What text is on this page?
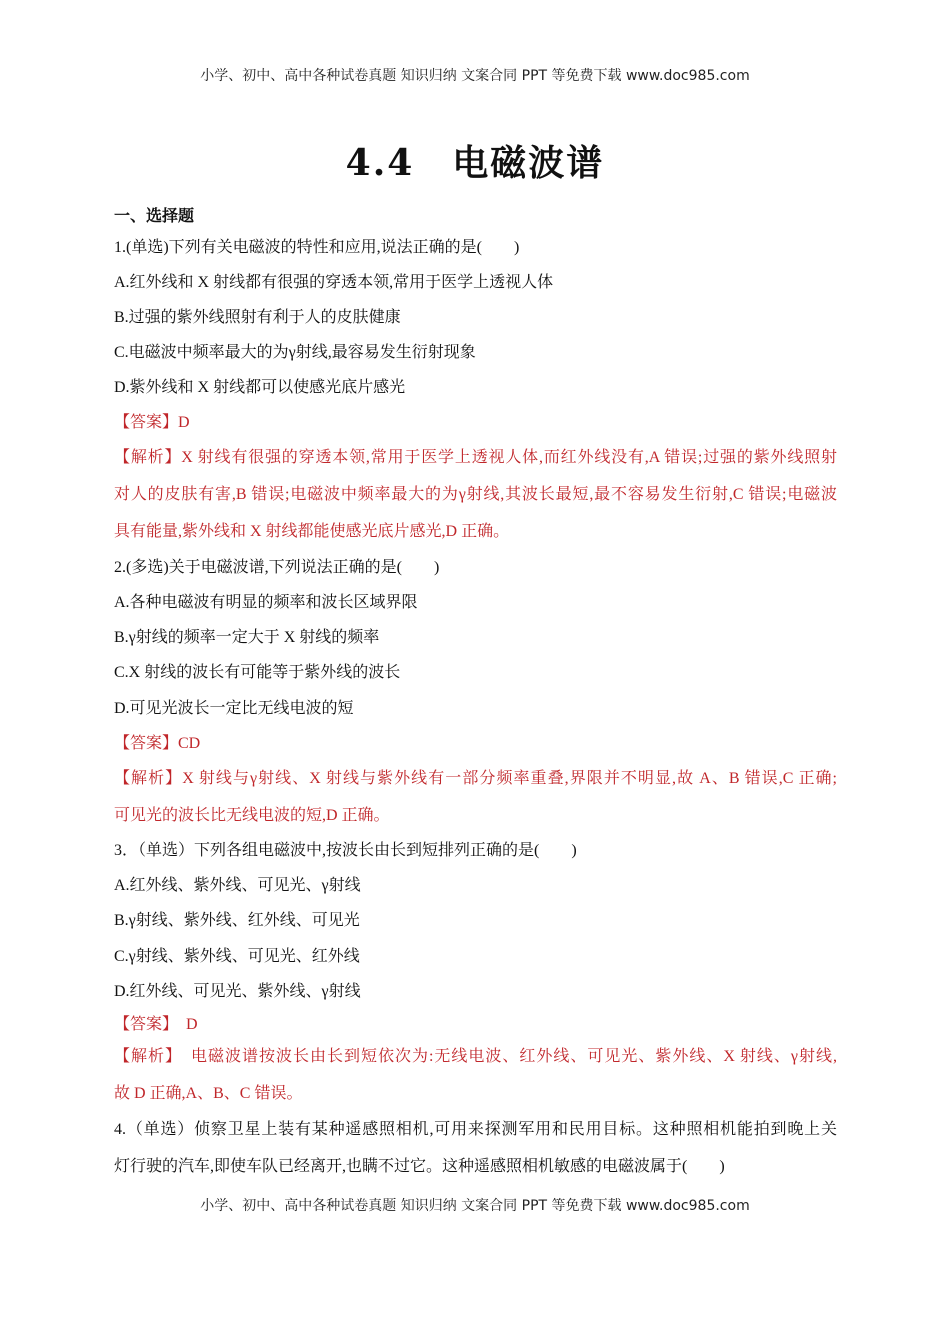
小学、初中、高中各种试卷真题 知识归纳 文案合同 PPT 等免费下载 www.doc985.com
4.4　电磁波谱
一、选择题
1.(单选)下列有关电磁波的特性和应用,说法正确的是(　　)
A.红外线和 X 射线都有很强的穿透本领,常用于医学上透视人体
B.过强的紫外线照射有利于人的皮肤健康
C.电磁波中频率最大的为γ射线,最容易发生衍射现象
D.紫外线和 X 射线都可以使感光底片感光
【答案】D
【解析】X 射线有很强的穿透本领,常用于医学上透视人体,而红外线没有,A 错误;过强的紫外线照射
对人的皮肤有害,B 错误;电磁波中频率最大的为γ射线,其波长最短,最不容易发生衍射,C 错误;电磁波
具有能量,紫外线和 X 射线都能使感光底片感光,D 正确。
2.(多选)关于电磁波谱,下列说法正确的是(　　)
A.各种电磁波有明显的频率和波长区域界限
B.γ射线的频率一定大于 X 射线的频率
C.X 射线的波长有可能等于紫外线的波长
D.可见光波长一定比无线电波的短
【答案】CD
【解析】X 射线与γ射线、X 射线与紫外线有一部分频率重叠,界限并不明显,故 A、B 错误,C 正确;
可见光的波长比无线电波的短,D 正确。
3．（单选）下列各组电磁波中,按波长由长到短排列正确的是(　　)
A.红外线、紫外线、可见光、γ射线
B.γ射线、紫外线、红外线、可见光
C.γ射线、紫外线、可见光、红外线
D.红外线、可见光、紫外线、γ射线
【答案】　D
【解析】　电磁波谱按波长由长到短依次为:无线电波、红外线、可见光、紫外线、X 射线、γ射线,
故 D 正确,A、B、C 错误。
4.（单选）侦察卫星上装有某种遥感照相机,可用来探测军用和民用目标。这种照相机能拍到晚上关
灯行驶的汽车,即使车队已经离开,也瞒不过它。这种遥感照相机敏感的电磁波属于(　　)
小学、初中、高中各种试卷真题 知识归纳 文案合同 PPT 等免费下载 www.doc985.com
